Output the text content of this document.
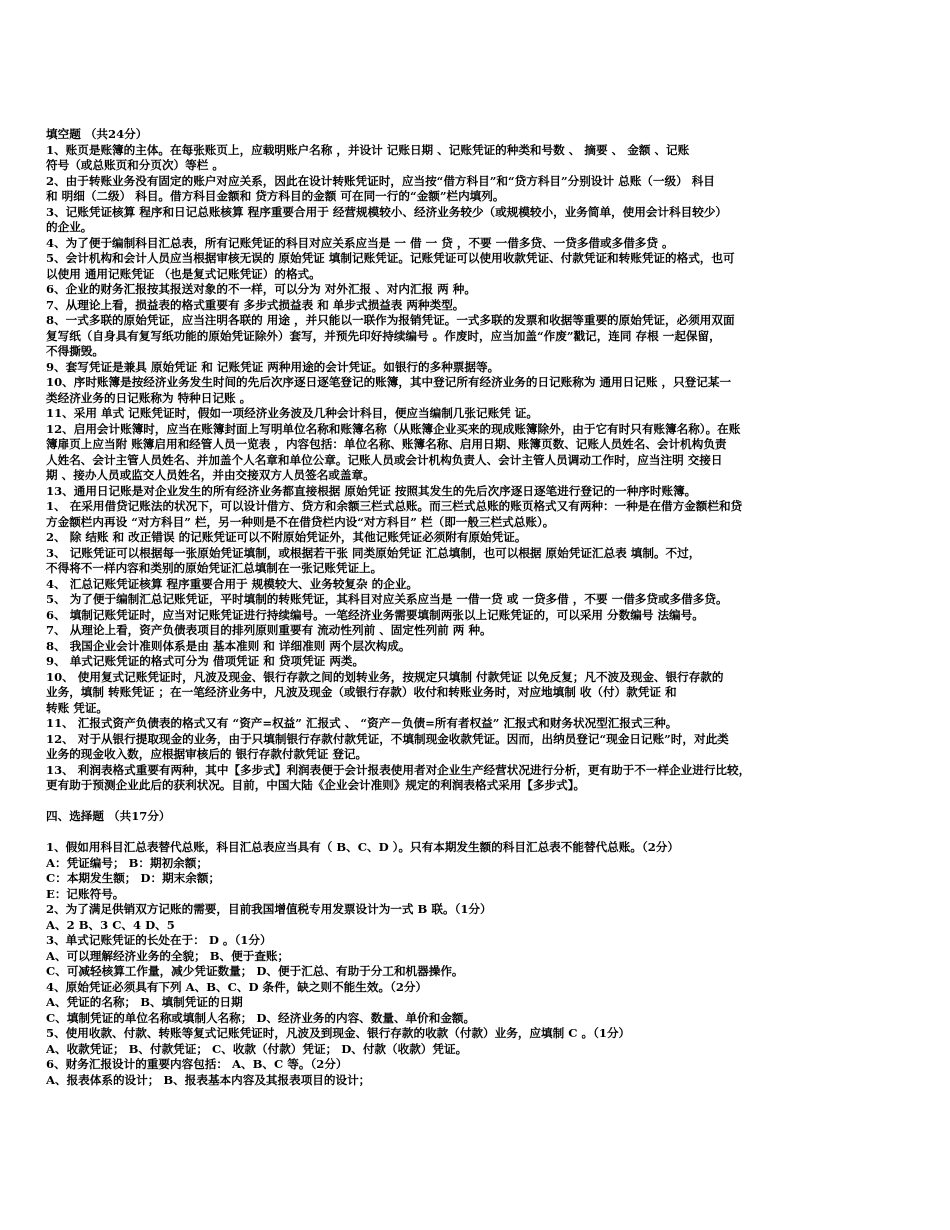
填空题 （共24分）
1、账页是账簿的主体。在每张账页上，应载明账户名称 ，并设计 记账日期 、记账凭证的种类和号数 、 摘要 、 金额 、记账
符号（或总账页和分页次）等栏 。
2、由于转账业务没有固定的账户对应关系，因此在设计转账凭证时，应当按“借方科目”和“贷方科目”分别设计 总账（一级） 科目
和 明细（二级） 科目。借方科目金额和 贷方科目的金额 可在同一行的“金额”栏内填列。
3、记账凭证核算 程序和日记总账核算 程序重要合用于 经营规模较小、经济业务较少（或规模较小，业务简单，使用会计科目较少）
的企业。
4、为了便于编制科目汇总表，所有记账凭证的科目对应关系应当是 一 借 一 贷 ，不要 一借多贷、一贷多借或多借多贷 。
5、会计机构和会计人员应当根据审核无误的 原始凭证 填制记账凭证。记账凭证可以使用收款凭证、付款凭证和转账凭证的格式，也可
以使用 通用记账凭证 （也是复式记账凭证）的格式。
6、企业的财务汇报按其报送对象的不一样，可以分为 对外汇报 、对内汇报 两 种。
7、从理论上看，损益表的格式重要有 多步式损益表 和 单步式损益表 两种类型。
8、一式多联的原始凭证，应当注明各联的 用途 ，并只能以一联作为报销凭证。一式多联的发票和收据等重要的原始凭证，必须用双面
复写纸（自身具有复写纸功能的原始凭证除外）套写，并预先印好持续编号 。作废时，应当加盖“作废”戳记，连同 存根 一起保留，
不得撕毁。
9、套写凭证是兼具 原始凭证 和 记账凭证 两种用途的会计凭证。如银行的多种票据等。
10、序时账簿是按经济业务发生时间的先后次序逐日逐笔登记的账簿，其中登记所有经济业务的日记账称为 通用日记账 ，只登记某一
类经济业务的日记账称为 特种日记账 。
11、采用 单式 记账凭证时，假如一项经济业务波及几种会计科目，便应当编制几张记账凭 证。
12、启用会计账簿时，应当在账簿封面上写明单位名称和账簿名称（从账簿企业买来的现成账簿除外，由于它有时只有账簿名称）。在账
簿扉页上应当附 账簿启用和经管人员一览表 ，内容包括：单位名称、账簿名称、启用日期、账簿页数、记账人员姓名、会计机构负责
人姓名、会计主管人员姓名、并加盖个人名章和单位公章。记账人员或会计机构负责人、会计主管人员调动工作时，应当注明 交接日
期 、接办人员或监交人员姓名，并由交接双方人员签名或盖章。
13、通用日记账是对企业发生的所有经济业务都直接根据 原始凭证 按照其发生的先后次序逐日逐笔进行登记的一种序时账簿。
1、 在采用借贷记账法的状况下，可以设计借方、贷方和余额三栏式总账。而三栏式总账的账页格式又有两种：一种是在借方金额栏和贷
方金额栏内再设 “对方科目” 栏，另一种则是不在借贷栏内设“对方科目” 栏（即一般三栏式总账）。
2、 除 结账 和 改正错误 的记账凭证可以不附原始凭证外，其他记账凭证必须附有原始凭证。
3、 记账凭证可以根据每一张原始凭证填制，或根据若干张 同类原始凭证 汇总填制，也可以根据 原始凭证汇总表 填制。不过，
不得将不一样内容和类别的原始凭证汇总填制在一张记账凭证上。
4、 汇总记账凭证核算 程序重要合用于 规模较大、业务较复杂 的企业。
5、 为了便于编制汇总记账凭证，平时填制的转账凭证，其科目对应关系应当是 一借一贷 或 一贷多借 ，不要 一借多贷或多借多贷。
6、 填制记账凭证时，应当对记账凭证进行持续编号。一笔经济业务需要填制两张以上记账凭证的，可以采用 分数编号 法编号。
7、 从理论上看，资产负债表项目的排列原则重要有 流动性列前 、固定性列前 两 种。
8、 我国企业会计准则体系是由 基本准则 和 详细准则 两个层次构成。
9、 单式记账凭证的格式可分为 借项凭证 和 贷项凭证 两类。
10、 使用复式记账凭证时，凡波及现金、银行存款之间的划转业务，按规定只填制 付款凭证 以免反复；凡不波及现金、银行存款的
业务，填制 转账凭证 ；在一笔经济业务中，凡波及现金（或银行存款）收付和转账业务时，对应地填制 收（付）款凭证 和
转账 凭证。
11、 汇报式资产负债表的格式又有 “资产=权益” 汇报式 、 “资产－负债=所有者权益” 汇报式和财务状况型汇报式三种。
12、 对于从银行提取现金的业务，由于只填制银行存款付款凭证，不填制现金收款凭证。因而，出纳员登记“现金日记账”时，对此类
业务的现金收入数，应根据审核后的 银行存款付款凭证 登记。
13、 利润表格式重要有两种，其中【多步式】利润表便于会计报表使用者对企业生产经营状况进行分析，更有助于不一样企业进行比较，
更有助于预测企业此后的获利状况。目前，中国大陆《企业会计准则》规定的利润表格式采用【多步式】。
四、选择题 （共17分）
1、假如用科目汇总表替代总账，科目汇总表应当具有（ B、C、D ）。只有本期发生额的科目汇总表不能替代总账。（2分）
A：凭证编号； B：期初余额；
C：本期发生额； D：期末余额；
E：记账符号。
2、为了满足供销双方记账的需要，目前我国增值税专用发票设计为一式 B 联。（1分）
A、2 B、3 C、4 D、5
3、单式记账凭证的长处在于： D 。（1分）
A、可以理解经济业务的全貌； B、便于查账；
C、可减轻核算工作量，减少凭证数量； D、便于汇总、有助于分工和机器操作。
4、原始凭证必须具有下列 A、B、C、D 条件，缺之则不能生效。（2分）
A、凭证的名称； B、填制凭证的日期
C、填制凭证的单位名称或填制人名称； D、经济业务的内容、数量、单价和金额。
5、使用收款、付款、转账等复式记账凭证时，凡波及到现金、银行存款的收款（付款）业务，应填制 C 。（1分）
A、收款凭证； B、付款凭证； C、收款（付款）凭证； D、付款（收款）凭证。
6、财务汇报设计的重要内容包括： A、B、C 等。（2分）
A、报表体系的设计； B、报表基本内容及其报表项目的设计；
